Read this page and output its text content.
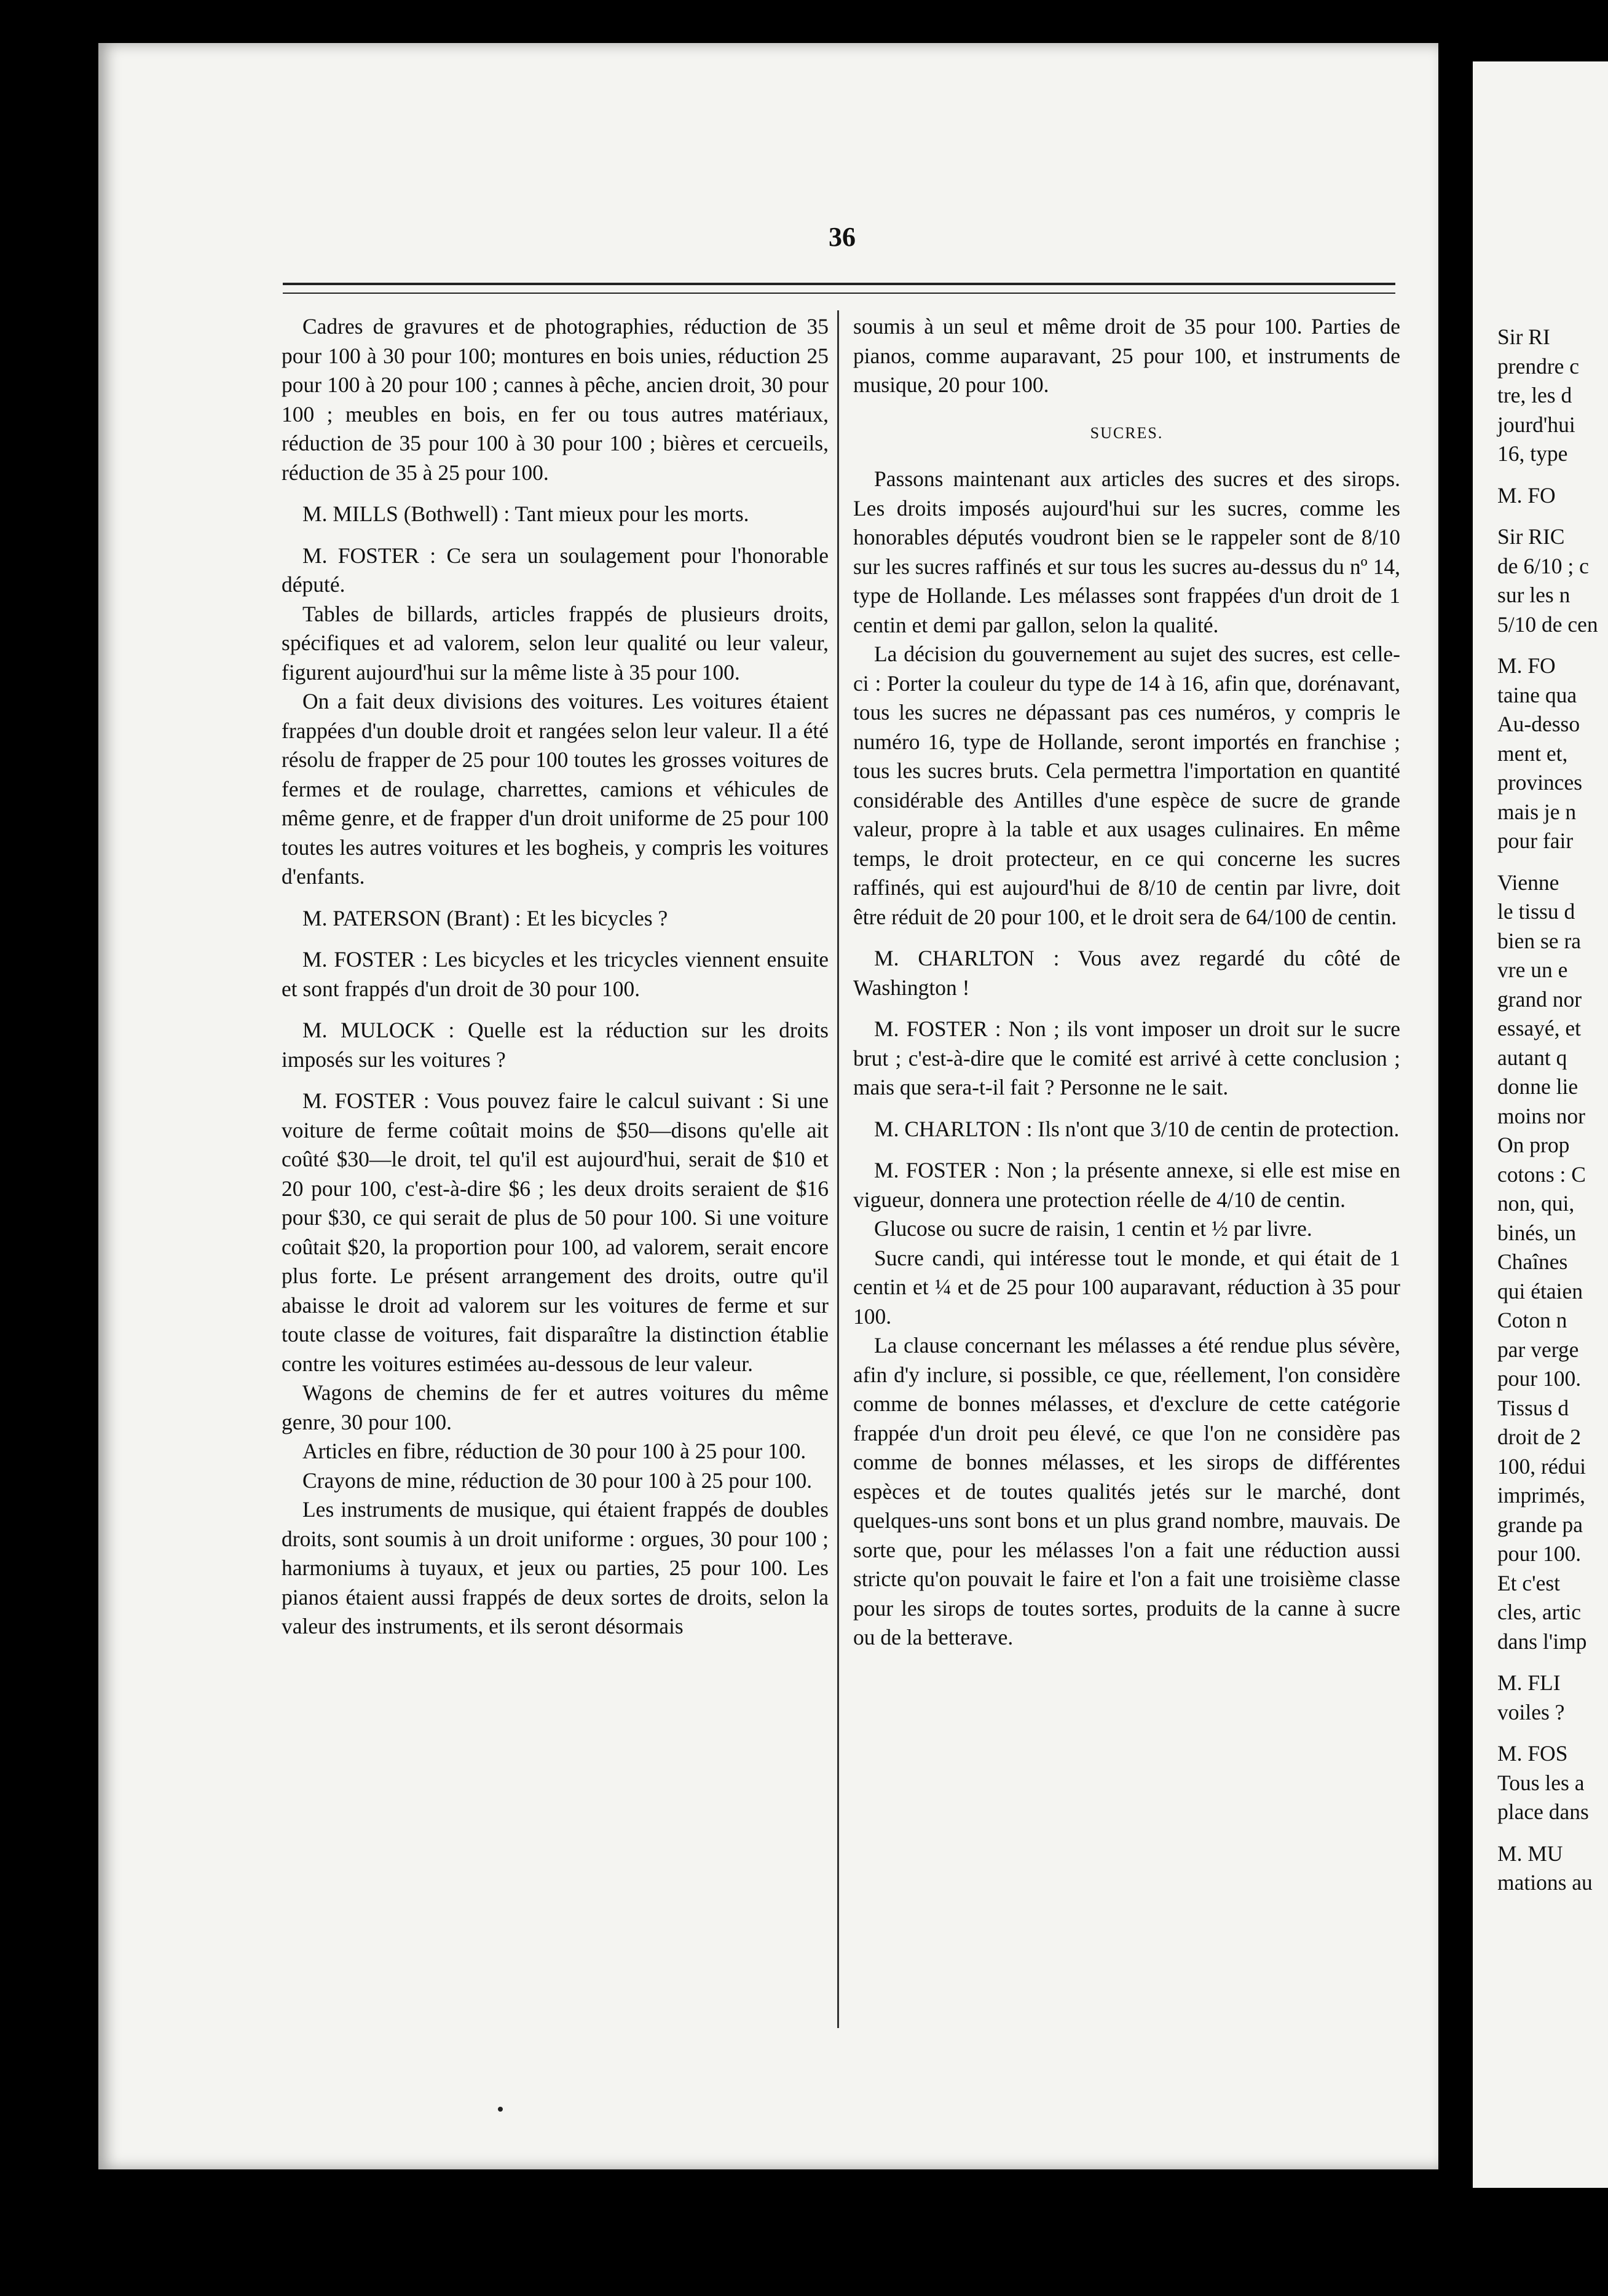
36

Cadres de gravures et de photographies, réduction de 35 pour 100 à 30 pour 100; montures en bois unies, réduction 25 pour 100 à 20 pour 100 ; cannes à pêche, ancien droit, 30 pour 100 ; meubles en bois, en fer ou tous autres matériaux, réduction de 35 pour 100 à 30 pour 100 ; bières et cercueils, réduction de 35 à 25 pour 100.

M. MILLS (Bothwell) : Tant mieux pour les morts.

M. FOSTER : Ce sera un soulagement pour l'honorable député.

Tables de billards, articles frappés de plusieurs droits, spécifiques et ad valorem, selon leur qualité ou leur valeur, figurent aujourd'hui sur la même liste à 35 pour 100.

On a fait deux divisions des voitures. Les voitures étaient frappées d'un double droit et rangées selon leur valeur. Il a été résolu de frapper de 25 pour 100 toutes les grosses voitures de fermes et de roulage, charrettes, camions et véhicules de même genre, et de frapper d'un droit uniforme de 25 pour 100 toutes les autres voitures et les bogheis, y compris les voitures d'enfants.

M. PATERSON (Brant) : Et les bicycles ?

M. FOSTER : Les bicycles et les tricycles viennent ensuite et sont frappés d'un droit de 30 pour 100.

M. MULOCK : Quelle est la réduction sur les droits imposés sur les voitures ?

M. FOSTER : Vous pouvez faire le calcul suivant : Si une voiture de ferme coûtait moins de $50—disons qu'elle ait coûté $30—le droit, tel qu'il est aujourd'hui, serait de $10 et 20 pour 100, c'est-à-dire $6 ; les deux droits seraient de $16 pour $30, ce qui serait de plus de 50 pour 100. Si une voiture coûtait $20, la proportion pour 100, ad valorem, serait encore plus forte. Le présent arrangement des droits, outre qu'il abaisse le droit ad valorem sur les voitures de ferme et sur toute classe de voitures, fait disparaître la distinction établie contre les voitures estimées au-dessous de leur valeur.

Wagons de chemins de fer et autres voitures du même genre, 30 pour 100.

Articles en fibre, réduction de 30 pour 100 à 25 pour 100.

Crayons de mine, réduction de 30 pour 100 à 25 pour 100.

Les instruments de musique, qui étaient frappés de doubles droits, sont soumis à un droit uniforme : orgues, 30 pour 100 ; harmoniums à tuyaux, et jeux ou parties, 25 pour 100. Les pianos étaient aussi frappés de deux sortes de droits, selon la valeur des instruments, et ils seront désormais

soumis à un seul et même droit de 35 pour 100. Parties de pianos, comme auparavant, 25 pour 100, et instruments de musique, 20 pour 100.

SUCRES.

Passons maintenant aux articles des sucres et des sirops. Les droits imposés aujourd'hui sur les sucres, comme les honorables députés voudront bien se le rappeler sont de 8/10 sur les sucres raffinés et sur tous les sucres au-dessus du nº 14, type de Hollande. Les mélasses sont frappées d'un droit de 1 centin et demi par gallon, selon la qualité.

La décision du gouvernement au sujet des sucres, est celle-ci : Porter la couleur du type de 14 à 16, afin que, dorénavant, tous les sucres ne dépassant pas ces numéros, y compris le numéro 16, type de Hollande, seront importés en franchise ; tous les sucres bruts. Cela permettra l'importation en quantité considérable des Antilles d'une espèce de sucre de grande valeur, propre à la table et aux usages culinaires. En même temps, le droit protecteur, en ce qui concerne les sucres raffinés, qui est aujourd'hui de 8/10 de centin par livre, doit être réduit de 20 pour 100, et le droit sera de 64/100 de centin.

M. CHARLTON : Vous avez regardé du côté de Washington !

M. FOSTER : Non ; ils vont imposer un droit sur le sucre brut ; c'est-à-dire que le comité est arrivé à cette conclusion ; mais que sera-t-il fait ? Personne ne le sait.

M. CHARLTON : Ils n'ont que 3/10 de centin de protection.

M. FOSTER : Non ; la présente annexe, si elle est mise en vigueur, donnera une protection réelle de 4/10 de centin.

Glucose ou sucre de raisin, 1 centin et ½ par livre.

Sucre candi, qui intéresse tout le monde, et qui était de 1 centin et ¼ et de 25 pour 100 auparavant, réduction à 35 pour 100.

La clause concernant les mélasses a été rendue plus sévère, afin d'y inclure, si possible, ce que, réellement, l'on considère comme de bonnes mélasses, et d'exclure de cette catégorie frappée d'un droit peu élevé, ce que l'on ne considère pas comme de bonnes mélasses, et les sirops de différentes espèces et de toutes qualités jetés sur le marché, dont quelques-uns sont bons et un plus grand nombre, mauvais. De sorte que, pour les mélasses l'on a fait une réduction aussi stricte qu'on pouvait le faire et l'on a fait une troisième classe pour les sirops de toutes sortes, produits de la canne à sucre ou de la betterave.

Sir RI

prendre c

tre, les d

jourd'hui

16, type

M. FO

Sir RIC

de 6/10 ; c

sur les n

5/10 de cen

M. FO

taine qua

Au-desso

ment et,

provinces

mais je n

pour fair

Vienne

le tissu d

bien se ra

vre un e

grand nor

essayé, et

autant q

donne lie

moins nor

On prop

cotons : C

non, qui,

binés, un

Chaînes

qui étaien

Coton n

par verge

pour 100.

Tissus d

droit de 2

100, rédui

imprimés,

grande pa

pour 100.

Et c'est

cles, artic

dans l'imp

M. FLI

voiles ?

M. FOS

Tous les a

place dans

M. MU

mations au
